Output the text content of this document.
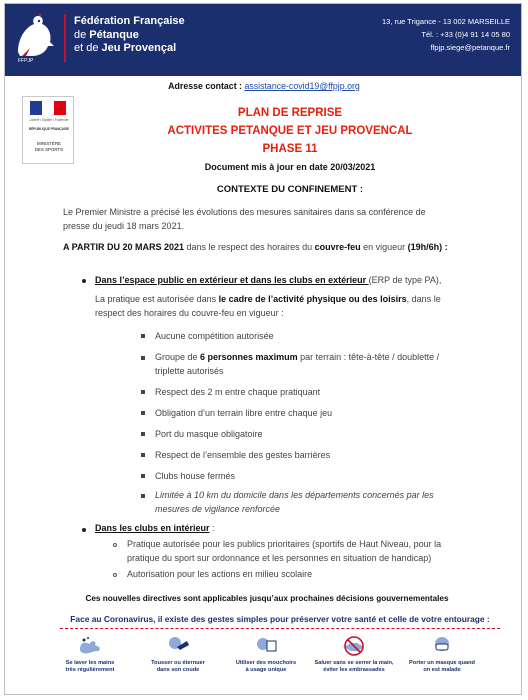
FFPJP
Fédération Française
de Pétanque
et de Jeu Provençal
13, rue Trigance - 13 002 MARSEILLE
Tél. : +33 (0)4 91 14 05 80
ffpjp.siege@petanque.fr
Adresse contact : assistance-covid19@ffpjp.org
Liberté • Égalité • Fraternité
RÉPUBLIQUE FRANÇAISE
MINISTÈRE
DES SPORTS
PLAN DE REPRISE
ACTIVITES PETANQUE ET JEU PROVENCAL
PHASE 11
Document mis à jour en date 20/03/2021
CONTEXTE DU CONFINEMENT :
Le Premier Ministre a précisé les évolutions des mesures sanitaires dans sa conférence de
presse du jeudi 18 mars 2021.
A PARTIR DU 20 MARS 2021 dans le respect des horaires du couvre-feu en vigueur (19h/6h) :
Dans l’espace public en extérieur et dans les clubs en extérieur (ERP de type PA),
La pratique est autorisée dans le cadre de l’activité physique ou des loisirs, dans le
respect des horaires du couvre-feu en vigueur :
Aucune compétition autorisée
Groupe de 6 personnes maximum par terrain : tête-à-tête / doublette /
triplette autorisés
Respect des 2 m entre chaque pratiquant
Obligation d’un terrain libre entre chaque jeu
Port du masque obligatoire
Respect de l’ensemble des gestes barrières
Clubs house fermés
Limitée à 10 km du domicile dans les départements concernés par les
mesures de vigilance renforcée
Dans les clubs en intérieur :
Pratique autorisée pour les publics prioritaires (sportifs de Haut Niveau, pour la
pratique du sport sur ordonnance et les personnes en situation de handicap)
Autorisation pour les actions en milieu scolaire
Ces nouvelles directives sont applicables jusqu’aux prochaines décisions gouvernementales
Face au Coronavirus, il existe des gestes simples pour préserver votre santé et celle de votre entourage :
Se laver les mains
très régulièrement
Tousser ou éternuer
dans son coude
Utiliser des mouchoirs
à usage unique
Saluer sans se serrer la main,
éviter les embrassades
Porter un masque quand
on est malade
